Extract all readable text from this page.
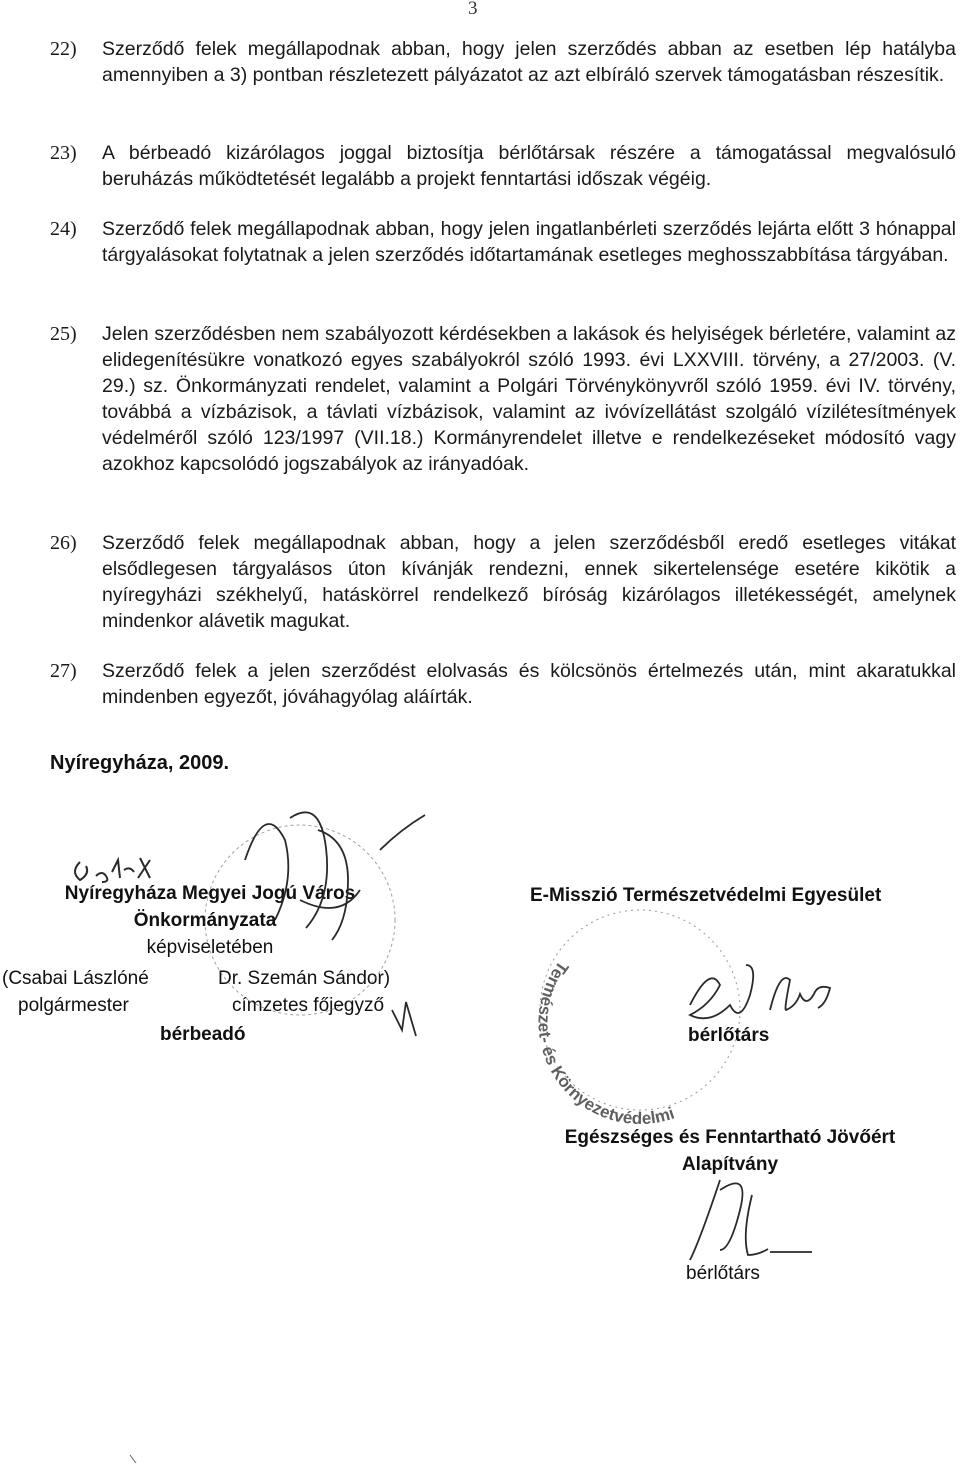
3
22)	Szerződő felek megállapodnak abban, hogy jelen szerződés abban az esetben lép hatályba amennyiben a 3) pontban részletezett pályázatot az azt elbíráló szervek támogatásban részesítik.
23)	A bérbeadó kizárólagos joggal biztosítja bérlőtársak részére a támogatással megvalósuló beruházás működtetését legalább a projekt fenntartási időszak végéig.
24)	Szerződő felek megállapodnak abban, hogy jelen ingatlanbérleti szerződés lejárta előtt 3 hónappal tárgyalásokat folytatnak a jelen szerződés időtartamának esetleges meghosszabbítása tárgyában.
25)	Jelen szerződésben nem szabályozott kérdésekben a lakások és helyiségek bérletére, valamint az elidegenítésükre vonatkozó egyes szabályokról szóló 1993. évi LXXVIII. törvény, a 27/2003. (V. 29.) sz. Önkormányzati rendelet, valamint a Polgári Törvénykönyvről szóló 1959. évi IV. törvény, továbbá a vízbázisok, a távlati vízbázisok, valamint az ivóvízellátást szolgáló vízilétesítmények védelméről szóló 123/1997 (VII.18.) Kormányrendelet illetve e rendelkezéseket módosító vagy azokhoz kapcsolódó jogszabályok az irányadóak.
26)	Szerződő felek megállapodnak abban, hogy a jelen szerződésből eredő esetleges vitákat elsődlegesen tárgyalásos úton kívánják rendezni, ennek sikertelensége esetére kikötik a nyíregyházi székhelyű, hatáskörrel rendelkező bíróság kizárólagos illetékességét, amelynek mindenkor alávetik magukat.
27)	Szerződő felek a jelen szerződést elolvasás és kölcsönös értelmezés után, mint akaratukkal mindenben egyezőt, jóváhagyólag aláírták.
Nyíregyháza, 2009.
Nyíregyháza Megyei Jogú Város
Önkormányzata
képviseletében
(Csabai Lászlóné	Dr. Szemán Sándor)
polgármester	címzetes főjegyző
bérbeadó
E-Misszió Természetvédelmi Egyesület
bérlőtárs
Egészséges és Fenntartható Jövőért
Alapítvány
bérlőtárs
Természet- és Környezetvédelmi
